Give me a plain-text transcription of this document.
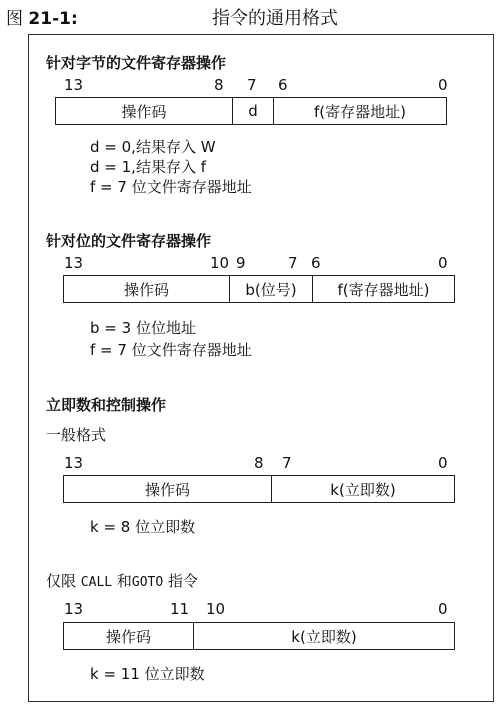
图 21-1:	指令的通用格式
针对字节的文件寄存器操作
13	8 7 6	0
操作码	d	f(寄存器地址)
d = 0,结果存入 W
d = 1,结果存入 f
f = 7 位文件寄存器地址
针对位的文件寄存器操作
13	10 9	7 6	0
操作码	b(位号)	f(寄存器地址)
b = 3 位位地址
f = 7 位文件寄存器地址
立即数和控制操作
一般格式
13	8 7	0
操作码	k(立即数)
k = 8 位立即数
仅限 CALL 和GOTO 指令
13	11 10	0
操作码	k(立即数)
k = 11 位立即数
